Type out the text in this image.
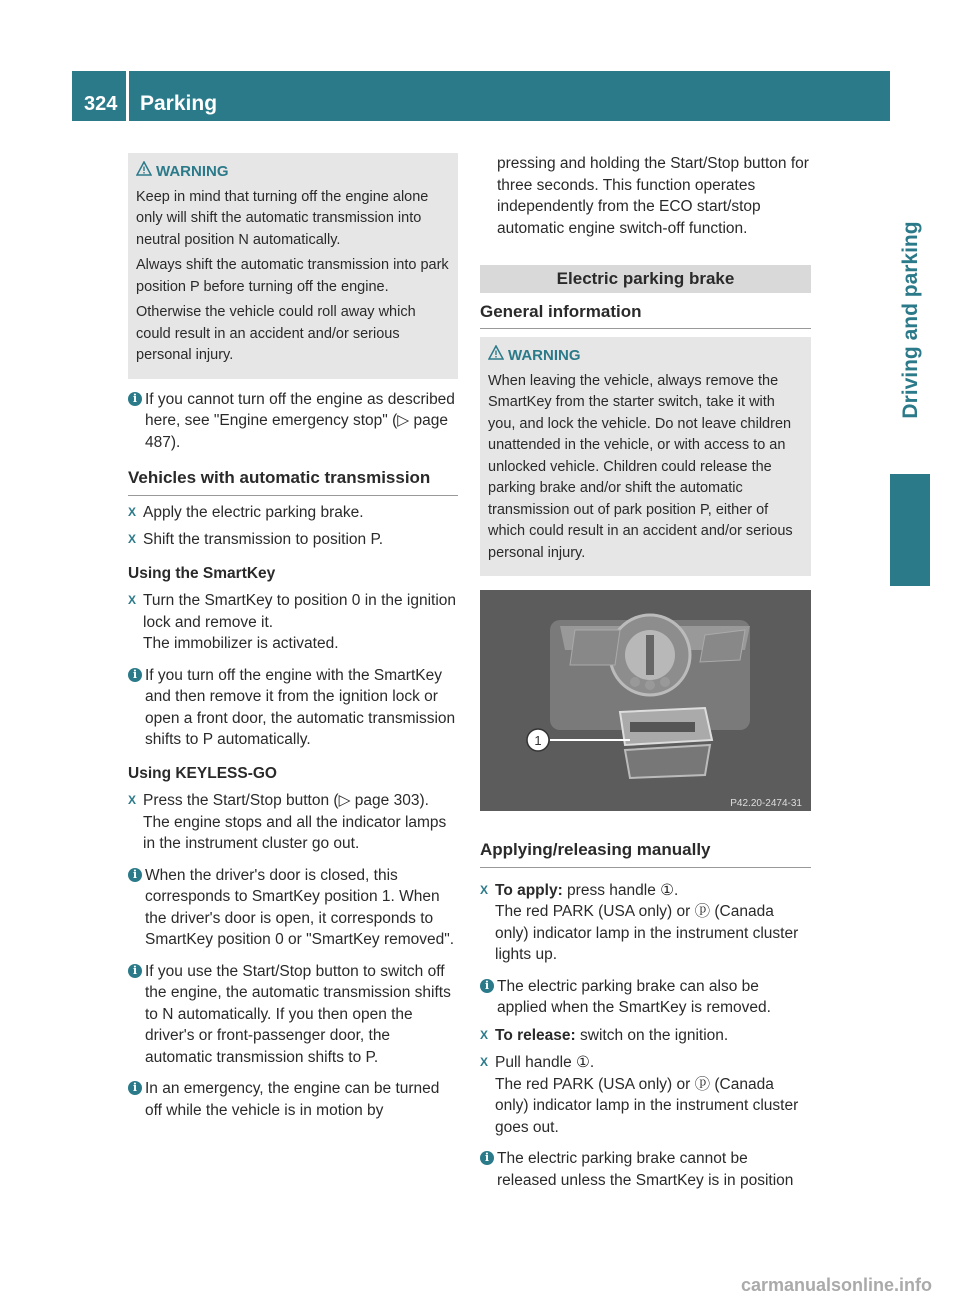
324	Parking
Driving and parking
WARNING

Keep in mind that turning off the engine alone only will shift the automatic transmission into neutral position N automatically.

Always shift the automatic transmission into park position P before turning off the engine.

Otherwise the vehicle could roll away which could result in an accident and/or serious personal injury.

i If you cannot turn off the engine as described here, see "Engine emergency stop" (▷ page 487).
Vehicles with automatic transmission
X Apply the electric parking brake.
X Shift the transmission to position P.
Using the SmartKey
X Turn the SmartKey to position 0 in the ignition lock and remove it.
The immobilizer is activated.
i If you turn off the engine with the SmartKey and then remove it from the ignition lock or open a front door, the automatic transmission shifts to P automatically.
Using KEYLESS-GO
X Press the Start/Stop button (▷ page 303). The engine stops and all the indicator lamps in the instrument cluster go out.
i When the driver's door is closed, this corresponds to SmartKey position 1. When the driver's door is open, it corresponds to SmartKey position 0 or "SmartKey removed".
i If you use the Start/Stop button to switch off the engine, the automatic transmission shifts to N automatically. If you then open the driver's or front-passenger door, the automatic transmission shifts to P.
i In an emergency, the engine can be turned off while the vehicle is in motion by
pressing and holding the Start/Stop button for three seconds. This function operates independently from the ECO start/stop automatic engine switch-off function.
Electric parking brake
General information
WARNING

When leaving the vehicle, always remove the SmartKey from the starter switch, take it with you, and lock the vehicle. Do not leave children unattended in the vehicle, or with access to an unlocked vehicle. Children could release the parking brake and/or shift the automatic transmission out of park position P, either of which could result in an accident and/or serious personal injury.

1
P42.20-2474-31
Applying/releasing manually
X To apply: press handle ①.
The red PARK (USA only) or ⓟ (Canada only) indicator lamp in the instrument cluster lights up.
i The electric parking brake can also be applied when the SmartKey is removed.
X To release: switch on the ignition.
X Pull handle ①.
The red PARK (USA only) or ⓟ (Canada only) indicator lamp in the instrument cluster goes out.
i The electric parking brake cannot be released unless the SmartKey is in position
carmanualsonline.info
